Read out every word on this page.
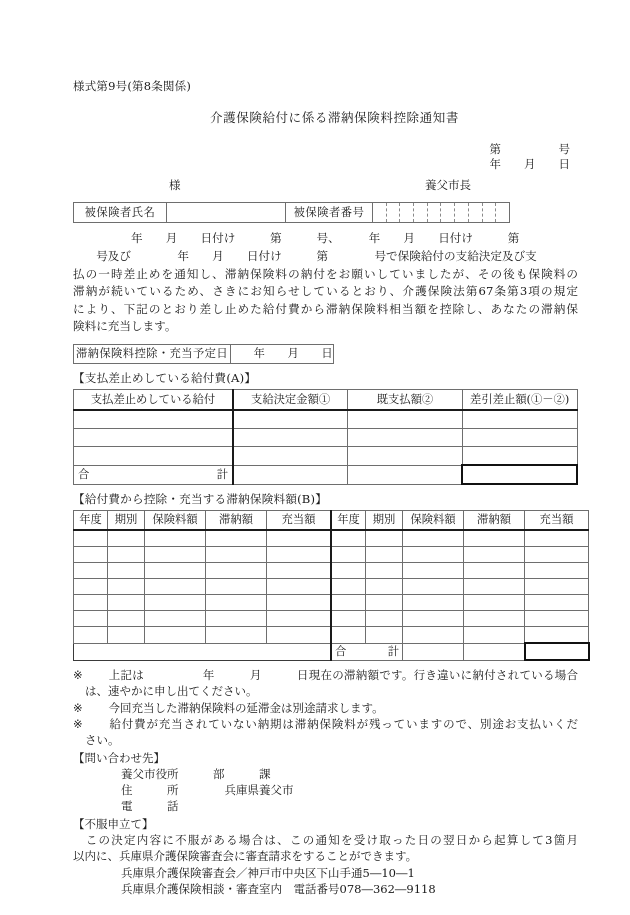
様式第9号(第8条関係)
介護保険給付に係る滞納保険料控除通知書
第　　　　　号
年　　月　　日
様	養父市長
被保険者氏名		被保険者番号										
　　　　　年　　月　　日付け　　　第　　　号、　　　年　　月　　日付け　　　第
　　号及び　　　　年　　月　　日付け　　　第　　　　号で保険給付の支給決定及び支
払の一時差止めを通知し、滞納保険料の納付をお願いしていましたが、その後も保険料の
滞納が続いているため、さきにお知らせしているとおり、介護保険法第67条第3項の規定
により、下記のとおり差し止めた給付費から滞納保険料相当額を控除し、あなたの滞納保
険料に充当します。
滞納保険料控除・充当予定日	　　年　　月　　日
【支払差止めしている給付費(A)】
支払差止めしている給付	支給決定金額①	既支払額②	差引差止額(①－②)

合計			
【給付費から控除・充当する滞納保険料額(B)】
年度	期別	保険料額	滞納額	充当額	年度	期別	保険料額	滞納額	充当額

					合計				
※	　上記は　　　　　年　　　月　　　日現在の滞納額です。行き違いに納付されている場合
は、速やかに申し出てください。
※	　今回充当した滞納保険料の延滞金は別途請求します。
※	　給付費が充当されていない納期は滞納保険料が残っていますので、別途お支払いくだ
さい。
【問い合わせ先】
養父市役所　　　部　　　課
住　　　所　　　　兵庫県養父市
電　　　話
【不服申立て】
　この決定内容に不服がある場合は、この通知を受け取った日の翌日から起算して3箇月
以内に、兵庫県介護保険審査会に審査請求をすることができます。
兵庫県介護保険審査会／神戸市中央区下山手通5―10―1
兵庫県介護保険相談・審査室内　電話番号078―362―9118
